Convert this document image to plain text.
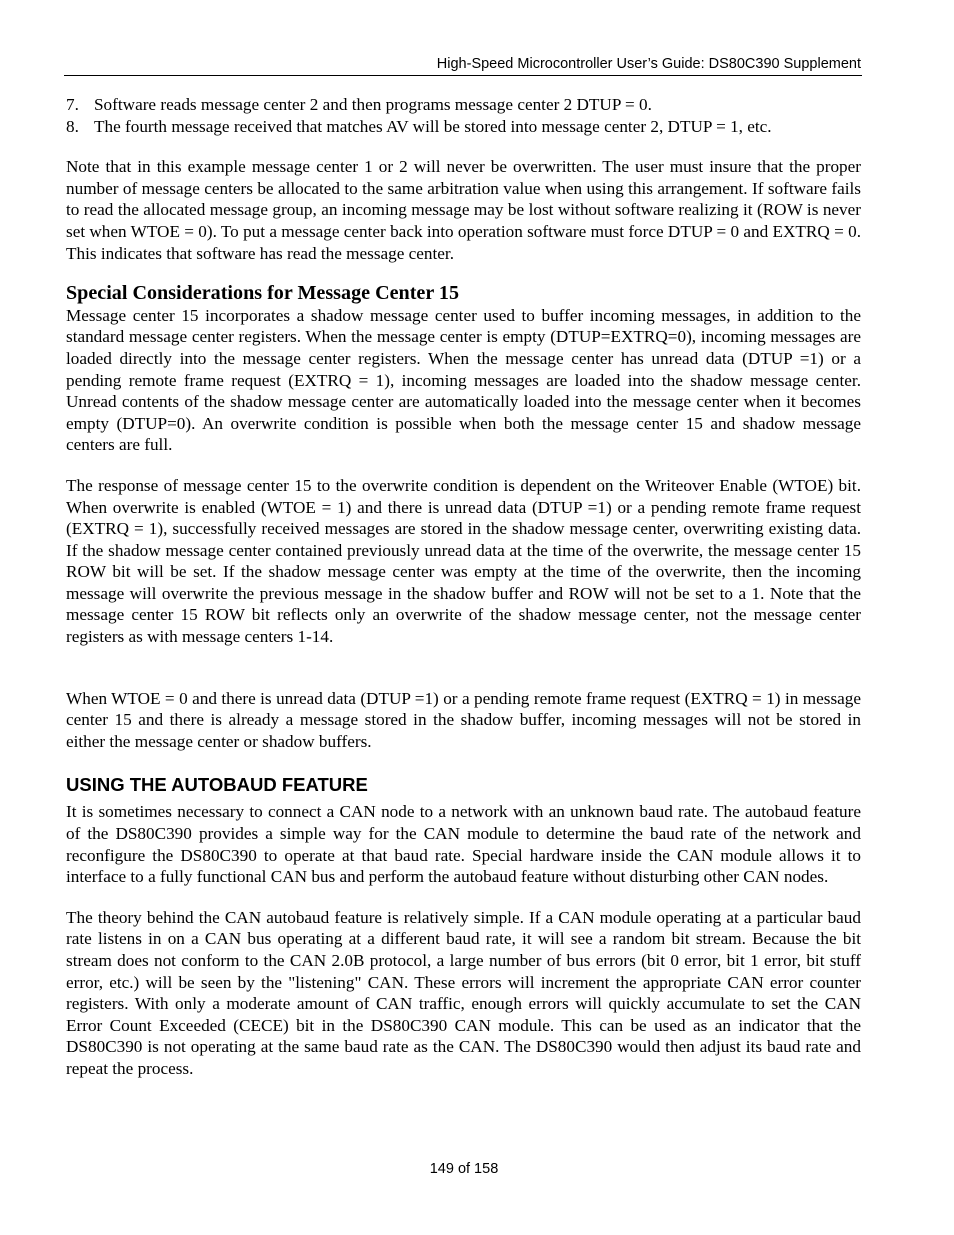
High-Speed Microcontroller User’s Guide: DS80C390 Supplement
7. Software reads message center 2 and then programs message center 2 DTUP = 0.
8. The fourth message received that matches AV will be stored into message center 2, DTUP = 1, etc.

Note that in this example message center 1 or 2 will never be overwritten. The user must insure that the proper number of message centers be allocated to the same arbitration value when using this arrangement. If software fails to read the allocated message group, an incoming message may be lost without software realizing it (ROW is never set when WTOE = 0). To put a message center back into operation software must force DTUP = 0 and EXTRQ = 0. This indicates that software has read the message center.

Special Considerations for Message Center 15

Message center 15 incorporates a shadow message center used to buffer incoming messages, in addition to the standard message center registers. When the message center is empty (DTUP=EXTRQ=0), incoming messages are loaded directly into the message center registers. When the message center has unread data (DTUP =1) or a pending remote frame request (EXTRQ = 1), incoming messages are loaded into the shadow message center. Unread contents of the shadow message center are automatically loaded into the message center when it becomes empty (DTUP=0). An overwrite condition is possible when both the message center 15 and shadow message centers are full.

The response of message center 15 to the overwrite condition is dependent on the Writeover Enable (WTOE) bit. When overwrite is enabled (WTOE = 1) and there is unread data (DTUP =1) or a pending remote frame request (EXTRQ = 1), successfully received messages are stored in the shadow message center, overwriting existing data. If the shadow message center contained previously unread data at the time of the overwrite, the message center 15 ROW bit will be set. If the shadow message center was empty at the time of the overwrite, then the incoming message will overwrite the previous message in the shadow buffer and ROW will not be set to a 1. Note that the message center 15 ROW bit reflects only an overwrite of the shadow message center, not the message center registers as with message centers 1-14.

When WTOE = 0 and there is unread data (DTUP =1) or a pending remote frame request (EXTRQ = 1) in message center 15 and there is already a message stored in the shadow buffer, incoming messages will not be stored in either the message center or shadow buffers.

USING THE AUTOBAUD FEATURE

It is sometimes necessary to connect a CAN node to a network with an unknown baud rate. The autobaud feature of the DS80C390 provides a simple way for the CAN module to determine the baud rate of the network and reconfigure the DS80C390 to operate at that baud rate. Special hardware inside the CAN module allows it to interface to a fully functional CAN bus and perform the autobaud feature without disturbing other CAN nodes.

The theory behind the CAN autobaud feature is relatively simple. If a CAN module operating at a particular baud rate listens in on a CAN bus operating at a different baud rate, it will see a random bit stream. Because the bit stream does not conform to the CAN 2.0B protocol, a large number of bus errors (bit 0 error, bit 1 error, bit stuff error, etc.) will be seen by the "listening" CAN. These errors will increment the appropriate CAN error counter registers. With only a moderate amount of CAN traffic, enough errors will quickly accumulate to set the CAN Error Count Exceeded (CECE) bit in the DS80C390 CAN module. This can be used as an indicator that the DS80C390 is not operating at the same baud rate as the CAN. The DS80C390 would then adjust its baud rate and repeat the process.

149 of 158
